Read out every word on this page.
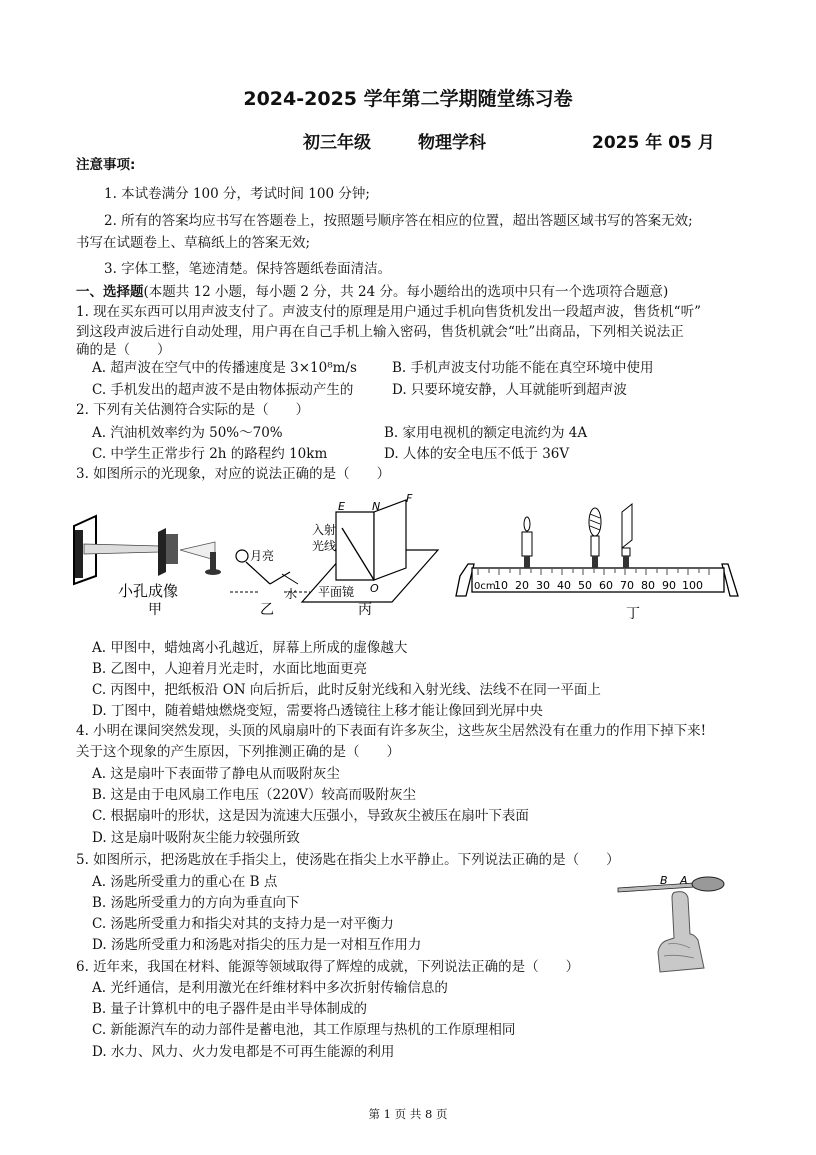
2024-2025 学年第二学期随堂练习卷
初三年级	物理学科	2025 年 05 月
注意事项:
1. 本试卷满分 100 分，考试时间 100 分钟;
2. 所有的答案均应书写在答题卷上，按照题号顺序答在相应的位置，超出答题区域书写的答案无效;
书写在试题卷上、草稿纸上的答案无效;
3. 字体工整，笔迹清楚。保持答题纸卷面清洁。
一、选择题(本题共 12 小题，每小题 2 分，共 24 分。每小题给出的选项中只有一个选项符合题意)
1. 现在买东西可以用声波支付了。声波支付的原理是用户通过手机向售货机发出一段超声波，售货机“听”
到这段声波后进行自动处理，用户再在自己手机上输入密码，售货机就会“吐”出商品，下列相关说法正
确的是（　　）
A. 超声波在空气中的传播速度是 3×10⁸m/s	B. 手机声波支付功能不能在真空环境中使用
C. 手机发出的超声波不是由物体振动产生的	D. 只要环境安静，人耳就能听到超声波
2. 下列有关估测符合实际的是（　　）
A. 汽油机效率约为 50%～70%	B. 家用电视机的额定电流约为 4A
C. 中学生正常步行 2h 的路程约 10km	D. 人体的安全电压不低于 36V
3. 如图所示的光现象，对应的说法正确的是（　　）
小孔成像
甲
月亮
水
乙
入射
光线
E N
F
O
平面镜
丙
0cm
10 20 30 40 50 60 70 80 90 100
丁
A. 甲图中，蜡烛离小孔越近，屏幕上所成的虚像越大
B. 乙图中，人迎着月光走时，水面比地面更亮
C. 丙图中，把纸板沿 ON 向后折后，此时反射光线和入射光线、法线不在同一平面上
D. 丁图中，随着蜡烛燃烧变短，需要将凸透镜往上移才能让像回到光屏中央
4. 小明在课间突然发现，头顶的风扇扇叶的下表面有许多灰尘，这些灰尘居然没有在重力的作用下掉下来!
关于这个现象的产生原因，下列推测正确的是（　　）
A. 这是扇叶下表面带了静电从而吸附灰尘
B. 这是由于电风扇工作电压（220V）较高而吸附灰尘
C. 根据扇叶的形状，这是因为流速大压强小，导致灰尘被压在扇叶下表面
D. 这是扇叶吸附灰尘能力较强所致
5. 如图所示，把汤匙放在手指尖上，使汤匙在指尖上水平静止。下列说法正确的是（　　）
A. 汤匙所受重力的重心在 B 点
B. 汤匙所受重力的方向为垂直向下
C. 汤匙所受重力和指尖对其的支持力是一对平衡力
D. 汤匙所受重力和汤匙对指尖的压力是一对相互作用力
B A
6. 近年来，我国在材料、能源等领域取得了辉煌的成就，下列说法正确的是（　　）
A. 光纤通信，是利用激光在纤维材料中多次折射传输信息的
B. 量子计算机中的电子器件是由半导体制成的
C. 新能源汽车的动力部件是蓄电池，其工作原理与热机的工作原理相同
D. 水力、风力、火力发电都是不可再生能源的利用
第 1 页 共 8 页
